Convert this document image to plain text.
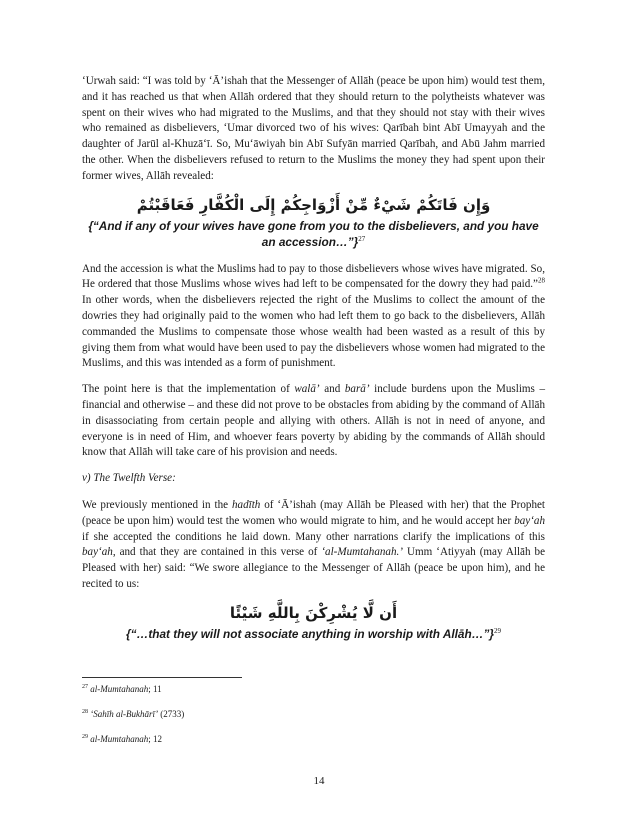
‘Urwah said: “I was told by ‘Ā’ishah that the Messenger of Allāh (peace be upon him) would test them, and it has reached us that when Allāh ordered that they should return to the polytheists whatever was spent on their wives who had migrated to the Muslims, and that they should not stay with their wives who remained as disbelievers, ‘Umar divorced two of his wives: Qarībah bint Abī Umayyah and the daughter of Jarūl al-Khuzā‘ī. So, Mu‘āwiyah bin Abī Sufyān married Qarībah, and Abū Jahm married the other. When the disbelievers refused to return to the Muslims the money they had spent upon their former wives, Allāh revealed:

وَإِن فَاتَكُمْ شَيْءٌ مِّنْ أَزْوَاجِكُمْ إِلَى الْكُفَّارِ فَعَاقَبْتُمْ
{“And if any of your wives have gone from you to the disbelievers, and you have an accession…”}$^{27}$

And the accession is what the Muslims had to pay to those disbelievers whose wives have migrated. So, He ordered that those Muslims whose wives had left to be compensated for the dowry they had paid.”$^{28}$ In other words, when the disbelievers rejected the right of the Muslims to collect the amount of the dowries they had originally paid to the women who had left them to go back to the disbelievers, Allāh commanded the Muslims to compensate those whose wealth had been wasted as a result of this by giving them from what would have been used to pay the disbelievers whose women had migrated to the Muslims, and this was intended as a form of punishment.

The point here is that the implementation of walā’ and barā’ include burdens upon the Muslims – financial and otherwise – and these did not prove to be obstacles from abiding by the command of Allāh in disassociating from certain people and allying with others. Allāh is not in need of anyone, and everyone is in need of Him, and whoever fears poverty by abiding by the commands of Allāh should know that Allāh will take care of his provision and needs.

v) The Twelfth Verse:

We previously mentioned in the hadīth of ‘Ā’ishah (may Allāh be Pleased with her) that the Prophet (peace be upon him) would test the women who would migrate to him, and he would accept her bay‘ah if she accepted the conditions he laid down. Many other narrations clarify the implications of this bay‘ah, and that they are contained in this verse of ‘al-Mumtahanah.’ Umm ‘Atiyyah (may Allāh be Pleased with her) said: “We swore allegiance to the Messenger of Allāh (peace be upon him), and he recited to us:

أَن لَّا يُشْرِكْنَ بِاللَّهِ شَيْئًا
{“…that they will not associate anything in worship with Allāh…”}$^{29}$
$^{27}$ al-Mumtahanah; 11
$^{28}$ ‘Sahīh al-Bukhārī’ (2733)
$^{29}$ al-Mumtahanah; 12
14
